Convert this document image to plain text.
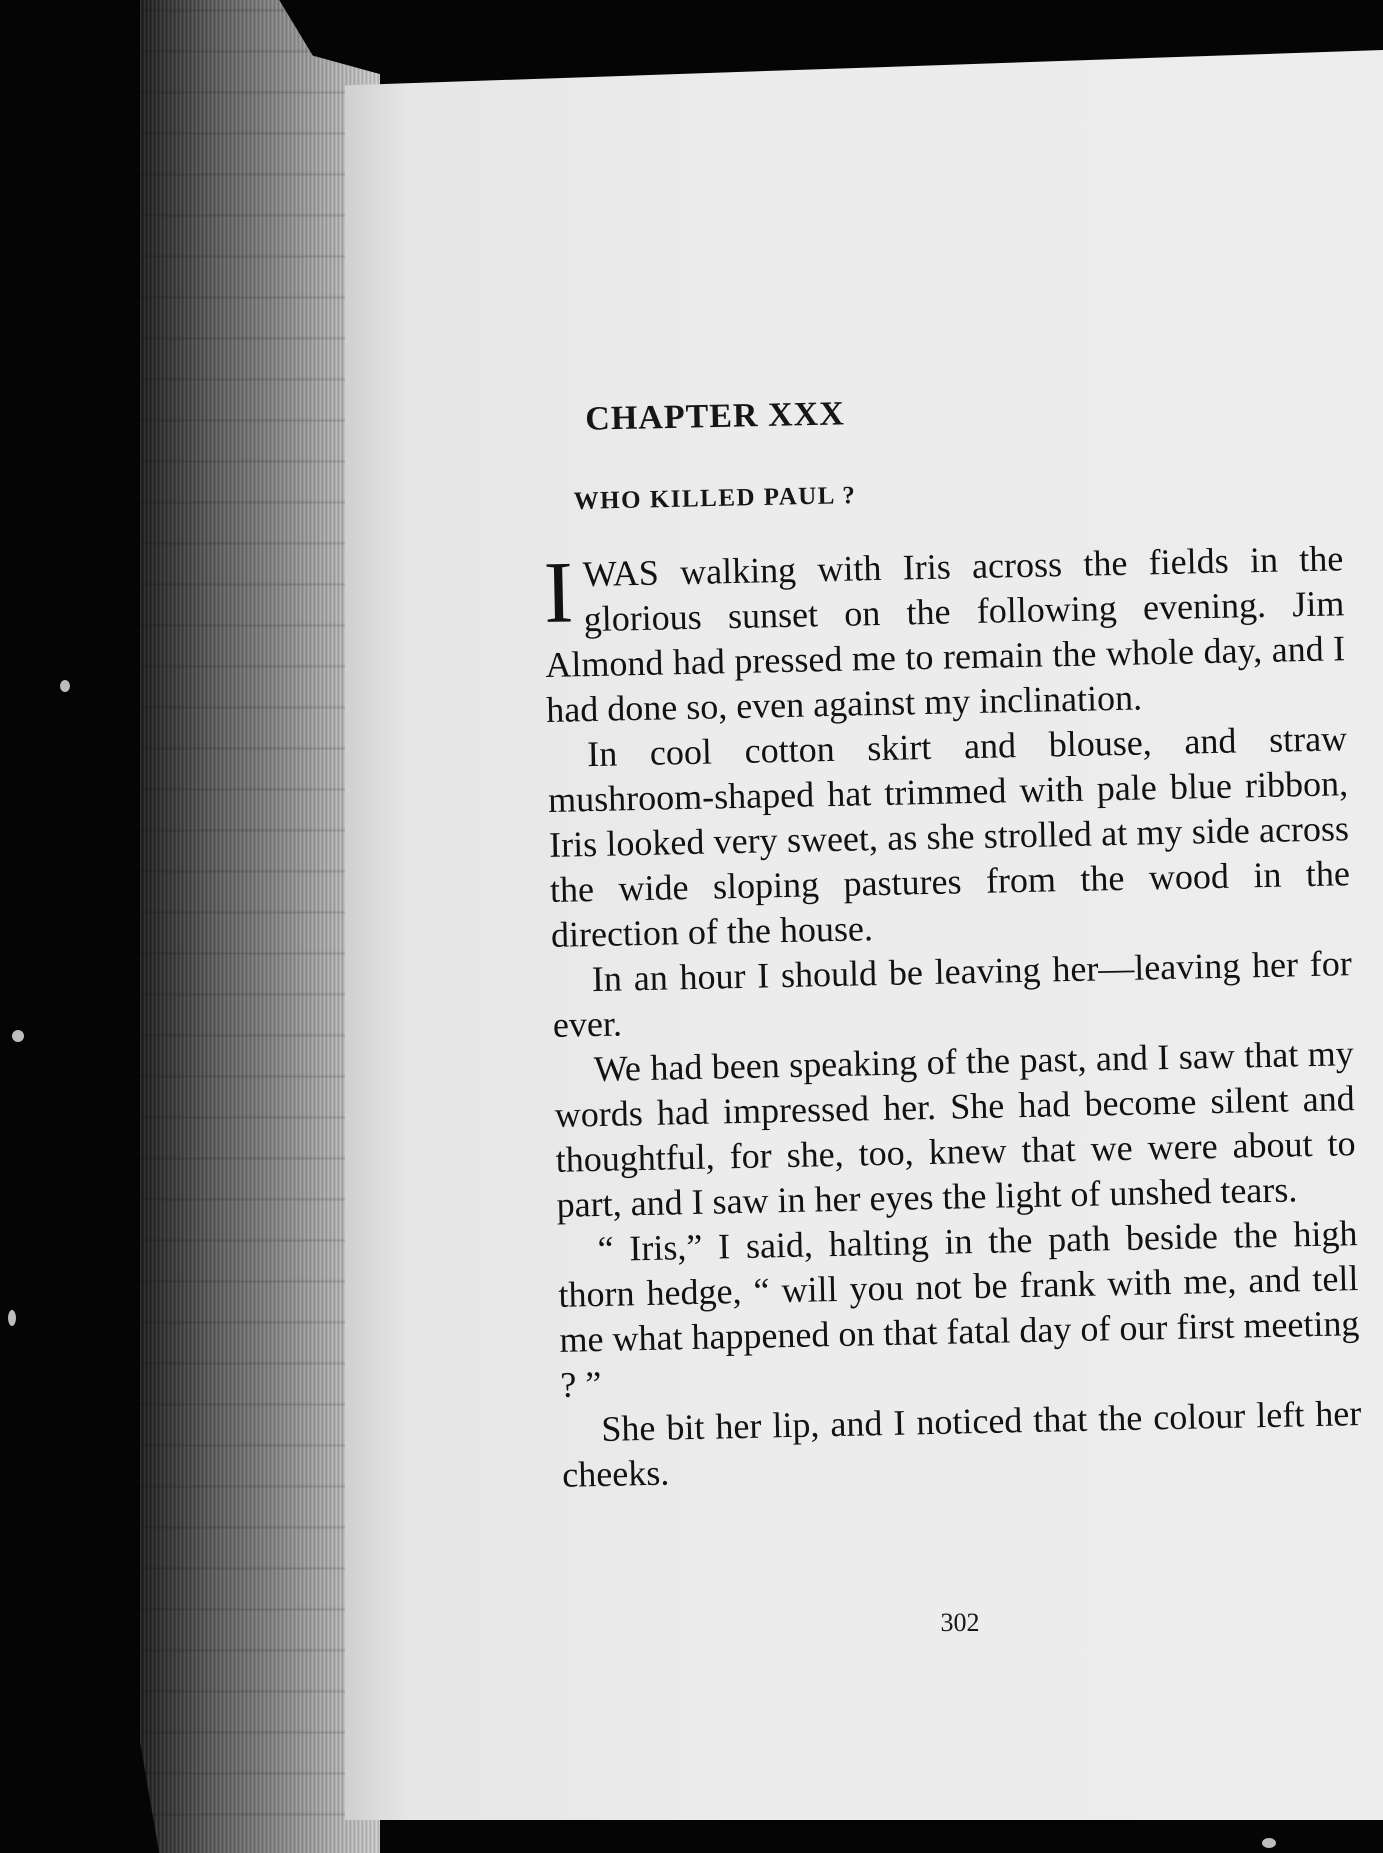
CHAPTER XXX
WHO KILLED PAUL ?

I WAS walking with Iris across the fields in the glorious sunset on the following evening. Jim Almond had pressed me to remain the whole day, and I had done so, even against my inclination.

In cool cotton skirt and blouse, and straw mushroom-shaped hat trimmed with pale blue ribbon, Iris looked very sweet, as she strolled at my side across the wide sloping pastures from the wood in the direction of the house.

In an hour I should be leaving her—leaving her for ever.

We had been speaking of the past, and I saw that my words had impressed her. She had become silent and thoughtful, for she, too, knew that we were about to part, and I saw in her eyes the light of unshed tears.

“ Iris,” I said, halting in the path beside the high thorn hedge, “ will you not be frank with me, and tell me what happened on that fatal day of our first meeting ? ”

She bit her lip, and I noticed that the colour left her cheeks.

302
